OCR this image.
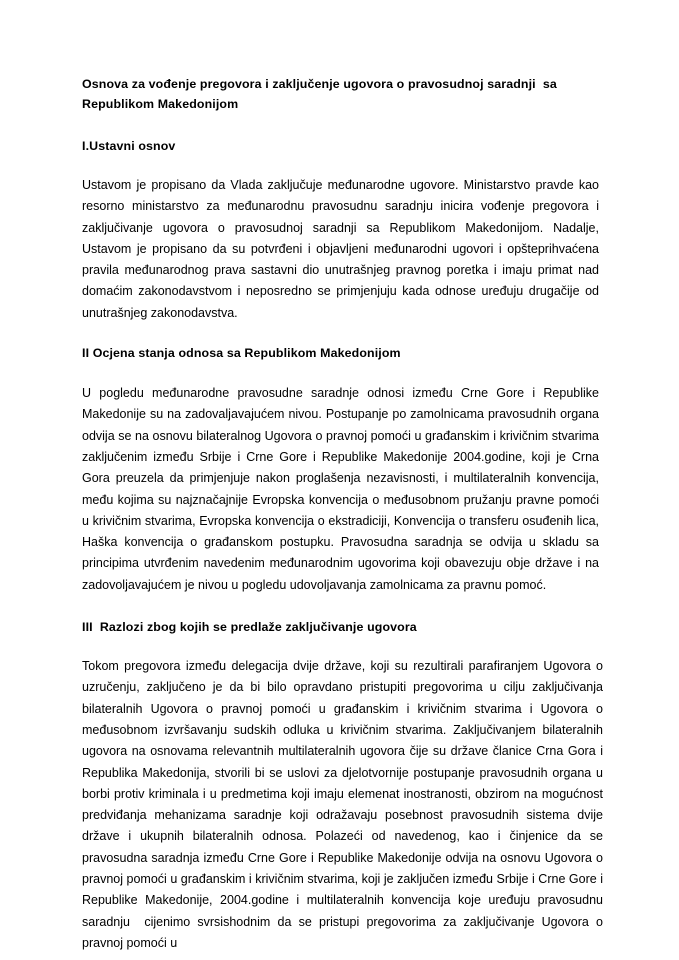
Osnova za vođenje pregovora i zaključenje ugovora o pravosudnoj saradnji  sa Republikom Makedonijom
I.Ustavni osnov

Ustavom je propisano da Vlada zaključuje međunarodne ugovore. Ministarstvo pravde kao resorno ministarstvo za međunarodnu pravosudnu saradnju inicira vođenje pregovora i zaključivanje ugovora o pravosudnoj saradnji sa Republikom Makedonijom. Nadalje, Ustavom je propisano da su potvrđeni i objavljeni međunarodni ugovori i opšteprihvaćena pravila međunarodnog prava sastavni dio unutrašnjeg pravnog poretka i imaju primat nad domaćim zakonodavstvom i neposredno se primjenjuju kada odnose uređuju drugačije od unutrašnjeg zakonodavstva.

II Ocjena stanja odnosa sa Republikom Makedonijom

U pogledu međunarodne pravosudne saradnje odnosi između Crne Gore i Republike Makedonije su na zadovaljavajućem nivou. Postupanje po zamolnicama pravosudnih organa odvija se na osnovu bilateralnog Ugovora o pravnoj pomoći u građanskim i krivičnim stvarima zaključenim između Srbije i Crne Gore i Republike Makedonije 2004.godine, koji je Crna Gora preuzela da primjenjuje nakon proglašenja nezavisnosti, i multilateralnih konvencija, među kojima su najznačajnije Evropska konvencija o međusobnom pružanju pravne pomoći u krivičnim stvarima, Evropska konvencija o ekstradiciji, Konvencija o transferu osuđenih lica, Haška konvencija o građanskom postupku. Pravosudna saradnja se odvija u skladu sa principima utvrđenim navedenim međunarodnim ugovorima koji obavezuju obje države i na zadovoljavajućem je nivou u pogledu udovoljavanja zamolnicama za pravnu pomoć.

III  Razlozi zbog kojih se predlaže zaključivanje ugovora

Tokom pregovora između delegacija dvije države, koji su rezultirali parafiranjem Ugovora o uzručenju, zaključeno je da bi bilo opravdano pristupiti pregovorima u cilju zaključivanja bilateralnih Ugovora o pravnoj pomoći u građanskim i krivičnim stvarima i Ugovora o međusobnom izvršavanju sudskih odluka u krivičnim stvarima. Zaključivanjem bilateralnih ugovora na osnovama relevantnih multilateralnih ugovora čije su države članice Crna Gora i Republika Makedonija, stvorili bi se uslovi za djelotvornije postupanje pravosudnih organa u borbi protiv kriminala i u predmetima koji imaju elemenat inostranosti, obzirom na mogućnost predviđanja mehanizama saradnje koji odražavaju posebnost pravosudnih sistema dvije države i ukupnih bilateralnih odnosa. Polazeći od navedenog, kao i činjenice da se pravosudna saradnja između Crne Gore i Republike Makedonije odvija na osnovu Ugovora o pravnoj pomoći u građanskim i krivičnim stvarima, koji je zaključen između Srbije i Crne Gore i Republike Makedonije, 2004.godine i multilateralnih konvencija koje uređuju pravosudnu saradnju  cijenimo svrsishodnim da se pristupi pregovorima za zaključivanje Ugovora o pravnoj pomoći u
